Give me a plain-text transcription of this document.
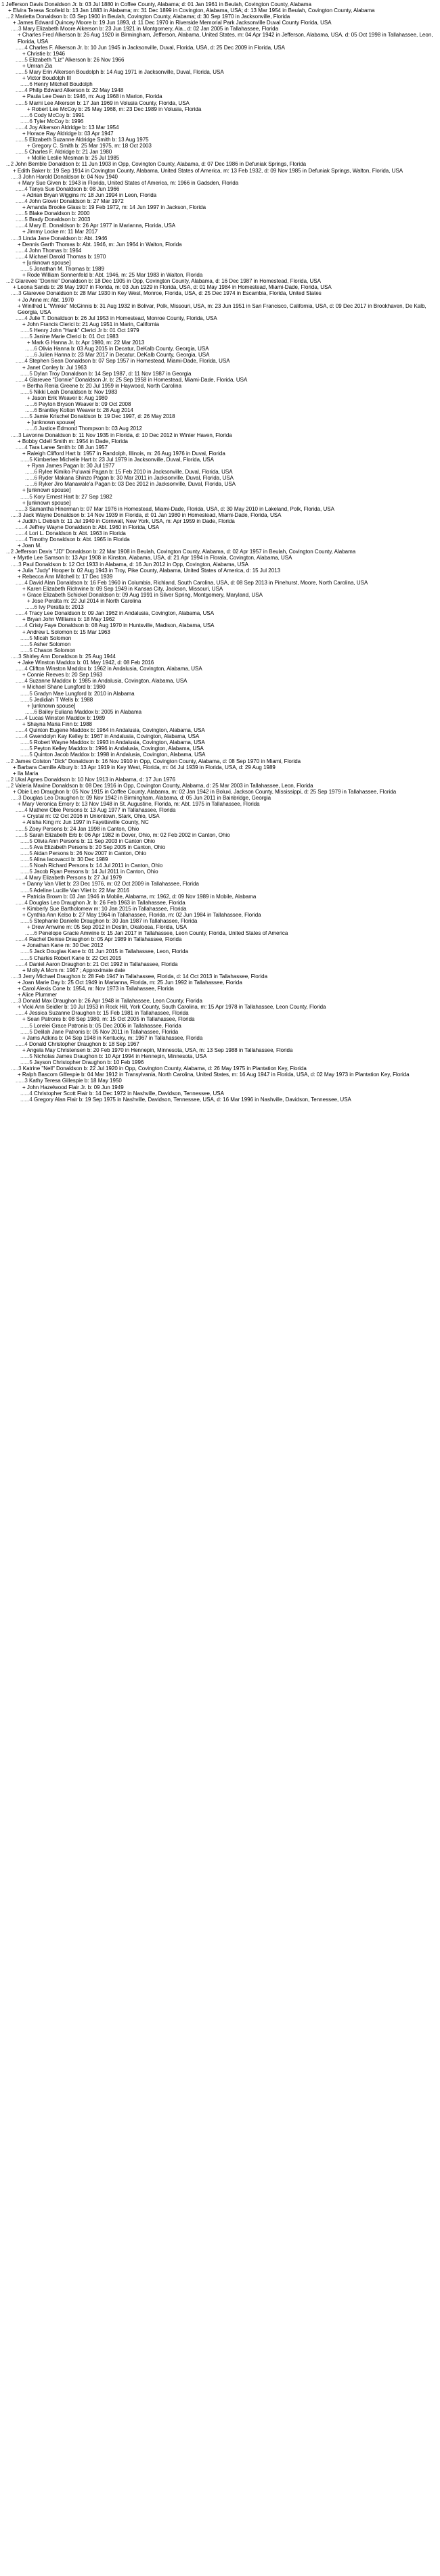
1 Jefferson Davis Donaldson Jr. b: 03 Jul 1880 in Coffee County, Alabama; d: 01 Jan 1961 in Beulah, Covington County, Alabama
+ Elvira Teresa Scofield b: 13 Jan 1883 in Alabama; m: 31 Dec 1899 in Covington, Alabama, USA; d: 13 Mar 1954 in Beulah, Covington County, Alabama
...2 Marietta Donaldson b: 03 Sep 1900 in Beulah, Covington County, Alabama; d: 30 Sep 1970 in Jacksonville, Florida
+ James Edward Quincey Moore b: 19 Jun 1893, d: 11 Dec 1970 in Riverside Memorial Park Jacksonville Duval County Florida, USA
.....3 Mary Elizabeth Moore Alkerson b: 23 Jun 1921 in Montgomery, Ala., d: 02 Jan 2005 in Tallahassee, Florida
+ Charles Fred Alkerson b: 26 Aug 1920 in Birmingham, Jefferson, Alabama, United States, m: 04 Apr 1942 in Jefferson, Alabama, USA, d: 05 Oct 1998 in Tallahassee, Leon, Florida, USA
......4 Charles F. Alkerson Jr. b: 10 Jun 1945 in Jacksonville, Duval, Florida, USA, d: 25 Dec 2009 in Florida, USA
+ Christie b: 1946
......5 Elizabeth "Liz" Alkerson b: 26 Nov 1966
+ Umran Zia
......5 Mary Erin Alkerson Boudolph b: 14 Aug 1971 in Jacksonville, Duval, Florida, USA
+ Victor Boudolph III
......6 Henry Mitchell Boudolph
......4 Philip Edward Alkerson b: 22 May 1948
+ Paula Lee Dean b: 1946, m: Aug 1968 in Marion, Florida
......5 Marni Lee Alkerson b: 17 Jan 1969 in Volusia County, Florida, USA
+ Robert Lee McCoy b: 25 May 1968, m: 23 Dec 1989 in Volusia, Florida
......6 Cody McCoy b: 1991
......6 Tyler McCoy b: 1996
......4 Joy Alkerson Aldridge b: 13 Mar 1954
+ Horace Ray Aldridge b: 03 Apr 1947
......5 Elizabeth Suzanne Aldridge Smith b: 13 Aug 1975
+ Gregory C. Smith b: 25 Mar 1975, m: 18 Oct 2003
......5 Charles F. Aldridge b: 21 Jan 1980
+ Mollie Leslie Mesman b: 25 Jul 1985
...2 John Bemble Donaldson b: 11 Jun 1903 in Opp, Covington County, Alabama, d: 07 Dec 1986 in Defuniak Springs, Florida
+ Edith Baker b: 19 Sep 1914 in Covington County, Alabama, United States of America, m: 13 Feb 1932, d: 09 Nov 1985 in Defuniak Springs, Walton, Florida, USA
.....3 John Harold Donaldson b: 04 Nov 1940
+ Mary Sue Given b: 1943 in Florida, United States of America, m: 1966 in Gadsden, Florida
......4 Tanya Sue Donaldson b: 08 Jun 1966
+ Adrian Bryan Wiggins m: 18 Jun 1994 in Leon, Florida
......4 John Glover Donaldson b: 27 Mar 1972
+ Amanda Brooke Glass b: 19 Feb 1972, m: 14 Jun 1997 in Jackson, Florida
......5 Blake Donaldson b: 2000
......5 Brady Donaldson b: 2003
......4 Mary E. Donaldson b: 26 Apr 1977 in Marianna, Florida, USA
+ Jimmy Locke m: 11 Mar 2017
.....3 Linda Jane Donaldson b: Abt. 1946
+ Dennis Garth Thomas b: Abt. 1946, m: Jun 1964 in Walton, Florida
......4 John Thomas b: 1964
......4 Michael Darold Thomas b: 1970
+ [unknown spouse]
......5 Jonathan M. Thomas b: 1989
+ Rode William Sonnenfeld b: Abt. 1946, m: 25 Mar 1983 in Walton, Florida
...2 Glarevee "Donnie" Donaldson b: 18 Dec 1905 in Opp, Covington County, Alabama, d: 16 Dec 1987 in Homestead, Florida, USA
+ Leona Sands b: 28 May 1907 in Florida, m: 03 Jun 1929 in Florida, USA, d: 01 May 1984 in Homestead, Miami-Dade, Florida, USA
.....3 Glarevee Donaldson b: 28 Mar 1930 in Key West, Monroe, Florida, USA, d: 25 Dec 1974 in Escambia, Florida, United States
+ Jo Anne m: Abt. 1970
+ Winifred L "Winkie" McGinnis b: 31 Aug 1932 in Bolivar, Polk, Missouri, USA, m: 23 Jun 1951 in San Francisco, California, USA, d: 09 Dec 2017 in Brookhaven, De Kalb, Georgia, USA
......4 Julie T. Donaldson b: 26 Jul 1953 in Homestead, Monroe County, Florida, USA
+ John Francis Clerici b: 21 Aug 1951 in Marin, California
......5 Henry John "Hank" Clerici Jr b: 01 Oct 1979
......5 Janine Marie Clerici b: 01 Oct 1983
+ Mark G Hanna Jr. b: Apr 1980, m: 22 Mar 2013
......6 Olivia Hanna b: 03 Aug 2015 in Decatur, DeKalb County, Georgia, USA
......6 Julien Hanna b: 23 Mar 2017 in Decatur, DeKalb County, Georgia, USA
......4 Stephen Sean Donaldson b: 07 Sep 1957 in Homestead, Miami-Dade, Florida, USA
+ Janet Conley b: Jul 1963
......5 Dylan Troy Donaldson b: 14 Sep 1987, d: 11 Nov 1987 in Georgia
......4 Glarevee "Donnie" Donaldson Jr. b: 25 Sep 1958 in Homestead, Miami-Dade, Florida, USA
+ Bertha Renia Greene b: 20 Jul 1959 in Haywood, North Carolina
......5 Nikki Leah Donaldson b: Nov 1983
+ Jason Erik Weaver b: Aug 1980
......6 Peyton Bryson Weaver b: 09 Oct 2008
......6 Brantley Kolton Weaver b: 28 Aug 2014
......5 Jamie Krischel Donaldson b: 19 Dec 1997, d: 26 May 2018
+ [unknown spouse]
......6 Justice Edmond Thompson b: 03 Aug 2012
.....3 Lavonne Donaldson b: 11 Nov 1935 in Florida, d: 10 Dec 2012 in Winter Haven, Florida
+ Bobby Odell Smith m: 1954 in Dade, Florida
......4 Tara Laree Smith b: 08 Jun 1957
+ Raleigh Clifford Hart b: 1957 in Randolph, Illinois, m: 26 Aug 1976 in Duval, Florida
......5 Kimberlee Michelle Hart b: 23 Jul 1979 in Jacksonville, Duval, Florida, USA
+ Ryan James Pagan b: 30 Jul 1977
......6 Rylee Kimiko Pu'uwai Pagan b: 15 Feb 2010 in Jacksonville, Duval, Florida, USA
......6 Ryder Makana Shinzo Pagan b: 30 Mar 2011 in Jacksonville, Duval, Florida, USA
......6 Ryker Jiro Manawale'a Pagan b: 03 Dec 2012 in Jacksonville, Duval, Florida, USA
+ [unknown spouse]
......5 Kory Ernest Hart b: 27 Sep 1982
+ [unknown spouse]
......3 Samantha Hinerman b: 07 Mar 1976 in Homestead, Miami-Dade, Florida, USA, d: 30 May 2010 in Lakeland, Polk, Florida, USA
.....3 Jack Wayne Donaldson b: 14 Nov 1939 in Florida, d: 01 Jan 1980 in Homestead, Miami-Dade, Florida, USA
+ Judith L Debish b: 11 Jul 1940 in Cornwall, New York, USA, m: Apr 1959 in Dade, Florida
......4 Jeffrey Wayne Donaldson b: Abt. 1960 in Florida, USA
......4 Lori L. Donaldson b: Abt. 1963 in Florida
......4 Timothy Donaldson b: Abt. 1965 in Florida
+ Joan M.
...2 Jefferson Davis "JD" Donaldson b: 22 Mar 1908 in Beulah, Covington County, Alabama, d: 02 Apr 1957 in Beulah, Covington County, Alabama
+ Myrtle Lee Samson b: 13 Apr 1908 in Kinston, Alabama, USA, d: 21 Apr 1994 in Florala, Covington, Alabama, USA
.....3 Paul Donaldson b: 12 Oct 1933 in Alabama, d: 16 Jun 2012 in Opp, Covington, Alabama, USA
+ Julia "Judy" Hooper b: 02 Aug 1943 in Troy, Pike County, Alabama, United States of America, d: 15 Jul 2013
+ Rebecca Ann Mitchell b: 17 Dec 1939
......4 David Alan Donaldson b: 16 Feb 1960 in Columbia, Richland, South Carolina, USA, d: 08 Sep 2013 in Pinehurst, Moore, North Carolina, USA
+ Karen Elizabeth Richwine b: 09 Sep 1949 in Kansas City, Jackson, Missouri, USA
+ Grace Elizabeth Schickel Donaldson b: 09 Aug 1991 in Silver Spring, Montgomery, Maryland, USA
+ Jose Peralta m: 22 Jul 2014 in North Carolina
......6 Ivy Peralta b: 2013
......4 Tracy Lee Donaldson b: 09 Jan 1962 in Andalusia, Covington, Alabama, USA
+ Bryan John Williams b: 18 May 1962
......4 Cristy Faye Donaldson b: 08 Aug 1970 in Huntsville, Madison, Alabama, USA
+ Andrew L Solomon b: 15 Mar 1963
......5 Micah Solomon
......5 Asher Solomon
......5 Chason Solomon
.....3 Shirley Ann Donaldson b: 25 Aug 1944
+ Jake Winston Maddox b: 01 May 1942, d: 08 Feb 2016
......4 Clifton Winston Maddox b: 1962 in Andalusia, Covington, Alabama, USA
+ Connie Reeves b: 20 Sep 1963
......4 Suzanne Maddox b: 1985 in Andalusia, Covington, Alabama, USA
+ Michael Shane Lungford b: 1980
......5 Gradyn Mae Lungford b: 2010 in Alabama
......5 Jedidiah T Wells b: 1988
+ [unknown spouse]
......6 Bailey Euliana Maddox b: 2005 in Alabama
......4 Lucas Winston Maddox b: 1989
+ Shayna Maria Finn b: 1988
......4 Quinton Eugene Maddox b: 1964 in Andalusia, Covington, Alabama, USA
......4 Gwendolyn Kay Kelley b: 1967 in Andalusia, Covington, Alabama, USA
......5 Robert Wayne Maddox b: 1993 in Andalusia, Covington, Alabama, USA
......5 Peyton Kelley Maddox b: 1996 in Andalusia, Covington, Alabama, USA
......5 Quinton Jacob Maddox b: 1998 in Andalusia, Covington, Alabama, USA
...2 James Colston "Dick" Donaldson b: 16 Nov 1910 in Opp, Covington County, Alabama, d: 08 Sep 1970 in Miami, Florida
+ Barbara Camille Albury b: 13 Apr 1919 in Key West, Florida, m: 04 Jul 1939 in Florida, USA, d: 29 Aug 1989
+ Ila Maria
...2 Ukal Agnes Donaldson b: 10 Nov 1913 in Alabama, d: 17 Jun 1976
...2 Valeria Maxine Donaldson b: 08 Dec 1916 in Opp, Covington County, Alabama, d: 25 Mar 2003 in Tallahassee, Leon, Florida
+ Obie Leo Draughon b: 05 Nov 1915 in Coffee County, Alabama, m: 02 Jan 1942 in Boluxi, Jackson County, Mississippi, d: 25 Sep 1979 in Tallahassee, Florida
.....3 Douglas Leo Draughon b: 09 Nov 1942 in Birmingham, Alabama, d: 05 Jun 2011 in Bainbridge, Georgia
+ Mary Veronica Emory b: 13 Nov 1948 in St. Augustine, Florida, m: Abt. 1975 in Tallahassee, Florida
......4 Mathew Obie Persons b: 13 Aug 1977 in Tallahassee, Florida
+ Crystal m: 02 Oct 2016 in Uniontown, Stark, Ohio, USA
+ Alisha King m: Jun 1997 in Fayetteville County, NC
......5 Zoey Persons b: 24 Jan 1998 in Canton, Ohio
......5 Sarah Elizabeth Erb b: 06 Apr 1982 in Dover, Ohio, m: 02 Feb 2002 in Canton, Ohio
......5 Olivia Ann Persons b: 11 Sep 2003 in Canton Ohio
......5 Ava Elizabeth Persons b: 20 Sep 2005 in Canton, Ohio
......5 Aidan Persons b: 26 Nov 2007 in Canton, Ohio
......5 Alina Iacovacci b: 30 Dec 1989
......5 Noah Richard Persons b: 14 Jul 2011 in Canton, Ohio
......5 Jacob Ryan Persons b: 14 Jul 2011 in Canton, Ohio
......4 Mary Elizabeth Persons b: 27 Jul 1979
+ Danny Van Vliet b: 23 Dec 1976, m: 02 Oct 2009 in Tallahassee, Florida
......5 Adeline Lucille Van Vliet b: 22 Mar 2016
+ Patricia Brown b: 03 Jan 1946 in Mobile, Alabama, m: 1962, d: 09 Nov 1989 in Mobile, Alabama
......4 Douglas Leo Draughon Jr. b: 26 Feb 1963 in Tallahassee, Florida
+ Kimberly Sue Bartholomew m: 10 Jan 2015 in Tallahassee, Florida
+ Cynthia Ann Kelso b: 27 May 1964 in Tallahassee, Florida, m: 02 Jun 1984 in Tallahassee, Florida
......5 Stephanie Danielle Draughon b: 30 Jan 1987 in Tallahassee, Florida
+ Drew Amwine m: 05 Sep 2012 in Destin, Okaloosa, Florida, USA
......6 Penelope Gracie Amwine b: 15 Jan 2017 in Tallahassee, Leon County, Florida, United States of America
......4 Rachel Denise Draughon b: 05 Apr 1989 in Tallahassee, Florida
+ Jonathan Kane m: 30 Dec 2012
......5 Jack Douglas Kane b: 01 Jun 2015 in Tallahassee, Leon, Florida
......5 Charles Robert Kane b: 22 Oct 2015
......4 Daniel Aaron Draughon b: 21 Oct 1992 in Tallahassee, Florida
+ Molly A Mcm m: 1967 ; Approximate date
.....3 Jerry Michael Draughon b: 28 Feb 1947 in Tallahassee, Florida, d: 14 Oct 2013 in Tallahassee, Florida
+ Joan Marie Day b: 25 Oct 1949 in Marianna, Florida, m: 25 Jun 1992 in Tallahassee, Florida
+ Carol Alexis Cone b: 1954, m: Nov 1973 in Tallahassee, Florida
+ Alice Plummer
.....3 Donald Max Draughon b: 26 Apr 1948 in Tallahassee, Leon County, Florida
+ Vicki Ann Seidler b: 10 Jul 1953 in Rock Hill, York County, South Carolina, m: 15 Apr 1978 in Tallahassee, Leon County, Florida
......4 Jessica Suzanne Draughon b: 15 Feb 1981 in Tallahassee, Florida
+ Sean Patronis b: 08 Sep 1980, m: 15 Oct 2005 in Tallahassee, Florida
......5 Lorelei Grace Patronis b: 05 Dec 2006 in Tallahassee, Florida
......5 Delilah Jane Patronis b: 05 Nov 2011 in Tallahassee, Florida
+ Jams Adkins b: 04 Sep 1948 in Kentucky, m: 1967 in Tallahassee, Florida
......4 Donald Christopher Draughon b: 18 Sep 1967
+ Angela May Christensen b: 20 Feb 1970 in Hennepin, Minnesota, USA, m: 13 Sep 1988 in Tallahassee, Florida
......5 Nicholas James Draughon b: 10 Apr 1994 in Hennepin, Minnesota, USA
......5 Jayson Christopher Draughon b: 10 Feb 1996
.....3 Katrine "Nell" Donaldson b: 22 Jul 1920 in Opp, Covington County, Alabama, d: 26 May 1975 in Plantation Key, Florida
+ Ralph Bascom Gillespie b: 04 Mar 1912 in Transylvania, North Carolina, United States, m: 16 Aug 1947 in Florida, USA, d: 02 May 1973 in Plantation Key, Florida
......3 Kathy Teresa Gillespie b: 18 May 1950
+ John Hazelwood Flair Jr. b: 09 Jun 1949
......4 Christopher Scott Flair b: 14 Dec 1972 in Nashville, Davidson, Tennessee, USA
......4 Gregory Alan Flair b: 19 Sep 1975 in Nashville, Davidson, Tennessee, USA, d: 16 Mar 1996 in Nashville, Davidson, Tennessee, USA
